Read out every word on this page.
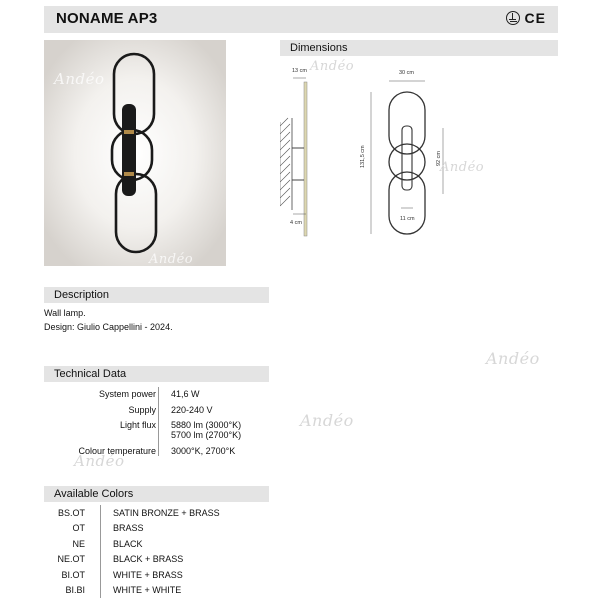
NONAME AP3	CE
Andéo
Andéo
Dimensions
13 cm
4 cm
30 cm
131,5 cm	92 cm
11 cm
Andéo
Andéo
Description
Wall lamp.
Design: Giulio Cappellini - 2024.
Andéo
Andéo
Andéo
Technical Data
System power 41,6 W
Supply 220-240 V
Light flux 5880 lm (3000°K)
5700 lm (2700°K)
Colour temperature 3000°K, 2700°K
Available Colors
BS.OT	SATIN BRONZE + BRASS
OT	BRASS
NE	BLACK
NE.OT	BLACK + BRASS
BI.OT	WHITE + BRASS
BI.BI	WHITE + WHITE
